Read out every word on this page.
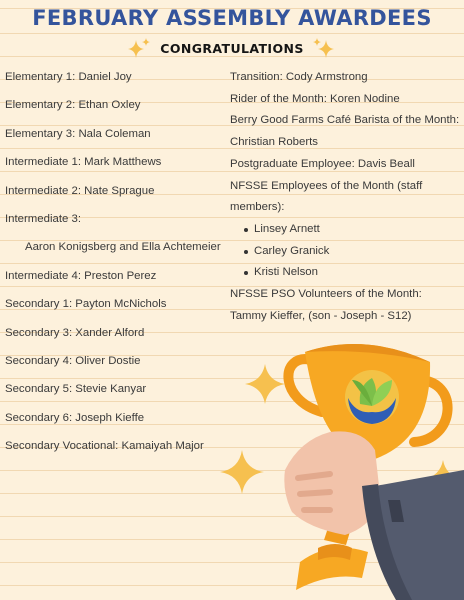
FEBRUARY ASSEMBLY AWARDEES
CONGRATULATIONS
Elementary 1: Daniel Joy
Elementary 2: Ethan Oxley
Elementary 3: Nala Coleman
Intermediate 1: Mark Matthews
Intermediate 2: Nate Sprague
Intermediate 3:
Aaron Konigsberg and Ella Achtemeier
Intermediate 4: Preston Perez
Secondary 1: Payton McNichols
Secondary 3: Xander Alford
Secondary 4: Oliver Dostie
Secondary 5: Stevie Kanyar
Secondary 6: Joseph Kieffe
Secondary Vocational: Kamaiyah Major
Transition: Cody Armstrong
Rider of the Month: Koren Nodine
Berry Good Farms Café Barista of the Month:
Christian Roberts
Postgraduate Employee: Davis Beall
NFSSE Employees of the Month (staff
members):
Linsey Arnett
Carley Granick
Kristi Nelson
NFSSE PSO Volunteers of the Month:
Tammy Kieffer, (son - Joseph - S12)
